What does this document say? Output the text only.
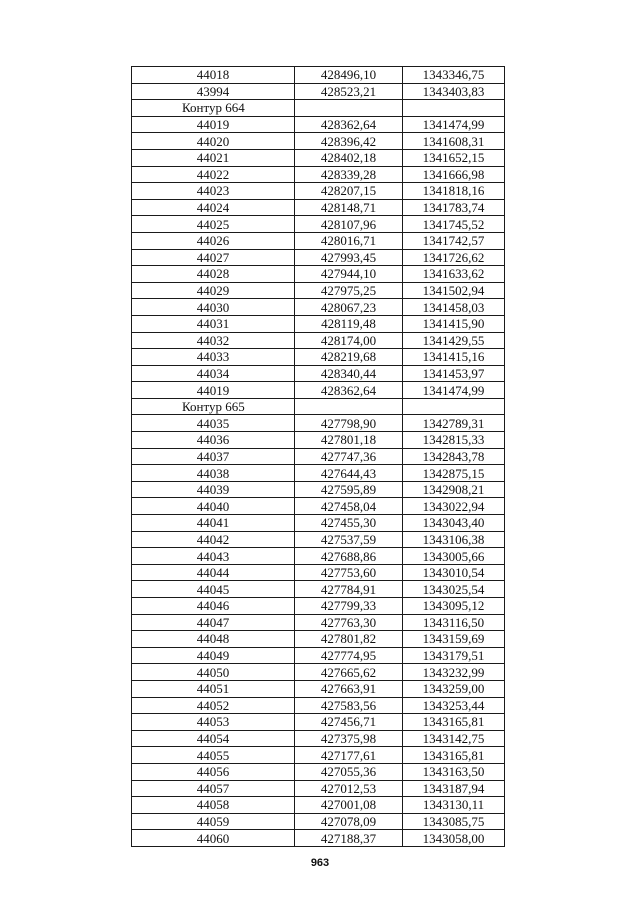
44018	428496,10	1343346,75
43994	428523,21	1343403,83
Контур 664		
44019	428362,64	1341474,99
44020	428396,42	1341608,31
44021	428402,18	1341652,15
44022	428339,28	1341666,98
44023	428207,15	1341818,16
44024	428148,71	1341783,74
44025	428107,96	1341745,52
44026	428016,71	1341742,57
44027	427993,45	1341726,62
44028	427944,10	1341633,62
44029	427975,25	1341502,94
44030	428067,23	1341458,03
44031	428119,48	1341415,90
44032	428174,00	1341429,55
44033	428219,68	1341415,16
44034	428340,44	1341453,97
44019	428362,64	1341474,99
Контур 665		
44035	427798,90	1342789,31
44036	427801,18	1342815,33
44037	427747,36	1342843,78
44038	427644,43	1342875,15
44039	427595,89	1342908,21
44040	427458,04	1343022,94
44041	427455,30	1343043,40
44042	427537,59	1343106,38
44043	427688,86	1343005,66
44044	427753,60	1343010,54
44045	427784,91	1343025,54
44046	427799,33	1343095,12
44047	427763,30	1343116,50
44048	427801,82	1343159,69
44049	427774,95	1343179,51
44050	427665,62	1343232,99
44051	427663,91	1343259,00
44052	427583,56	1343253,44
44053	427456,71	1343165,81
44054	427375,98	1343142,75
44055	427177,61	1343165,81
44056	427055,36	1343163,50
44057	427012,53	1343187,94
44058	427001,08	1343130,11
44059	427078,09	1343085,75
44060	427188,37	1343058,00
963
